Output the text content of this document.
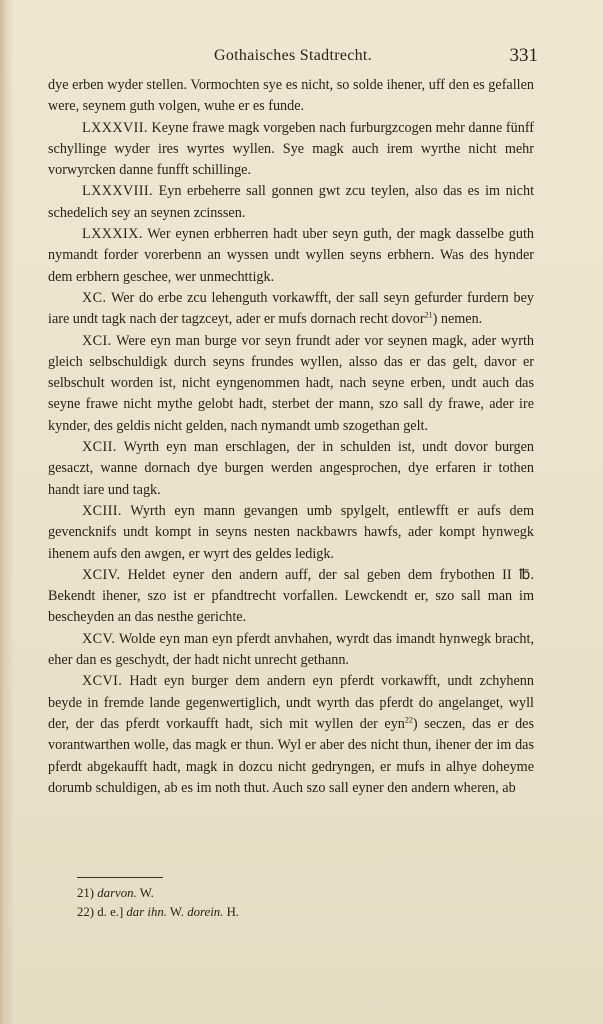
Gothaisches Stadtrecht.	331

dye erben wyder stellen. Vormochten sye es nicht, so solde ihener, uff den es gefallen were, seynem guth volgen, wuhe er es funde.

LXXXVII. Keyne frawe magk vorgeben nach furburgzcogen mehr danne fünff schyllinge wyder ires wyrtes wyllen. Sye magk auch irem wyrthe nicht mehr vorwyrcken danne funfft schillinge.

LXXXVIII. Eyn erbeherre sall gonnen gwt zcu teylen, also das es im nicht schedelich sey an seynen zcinssen.

LXXXIX. Wer eynen erbherren hadt uber seyn guth, der magk dasselbe guth nymandt forder vorerbenn an wyssen undt wyllen seyns erbhern. Was des hynder dem erbhern geschee, wer unmechttigk.

XC. Wer do erbe zcu lehenguth vorkawfft, der sall seyn gefurder furdern bey iare undt tagk nach der tagzceyt, ader er mufs dornach recht dovor$^{21}$) nemen.

XCI. Were eyn man burge vor seyn frundt ader vor seynen magk, ader wyrth gleich selbschuldigk durch seyns frundes wyllen, alsso das er das gelt, davor er selbschult worden ist, nicht eyngenommen hadt, nach seyne erben, undt auch das seyne frawe nicht mythe gelobt hadt, sterbet der mann, szo sall dy frawe, ader ire kynder, des geldis nicht gelden, nach nymandt umb szogethan gelt.

XCII. Wyrth eyn man erschlagen, der in schulden ist, undt dovor burgen gesaczt, wanne dornach dye burgen werden angesprochen, dye erfaren ir tothen handt iare und tagk.

XCIII. Wyrth eyn mann gevangen umb spylgelt, entlewfft er aufs dem gevencknifs undt kompt in seyns nesten nackbawrs hawfs, ader kompt hynwegk ihenem aufs den awgen, er wyrt des geldes ledigk.

XCIV. Heldet eyner den andern auff, der sal geben dem frybothen II ℔. Bekendt ihener, szo ist er pfandtrecht vorfallen. Lewckendt er, szo sall man im bescheyden an das nesthe gerichte.

XCV. Wolde eyn man eyn pferdt anvhahen, wyrdt das imandt hynwegk bracht, eher dan es geschydt, der hadt nicht unrecht gethann.

XCVI. Hadt eyn burger dem andern eyn pferdt vorkawfft, undt zchyhenn beyde in fremde lande gegenwertiglich, undt wyrth das pferdt do angelanget, wyll der, der das pferdt vorkaufft hadt, sich mit wyllen der eyn$^{22}$) seczen, das er des vorantwarthen wolle, das magk er thun. Wyl er aber des nicht thun, ihener der im das pferdt abgekaufft hadt, magk in dozcu nicht gedryngen, er mufs in alhye doheyme dorumb schuldigen, ab es im noth thut. Auch szo sall eyner den andern wheren, ab

21) darvon. W.
22) d. e.] dar ihn. W. dorein. H.
